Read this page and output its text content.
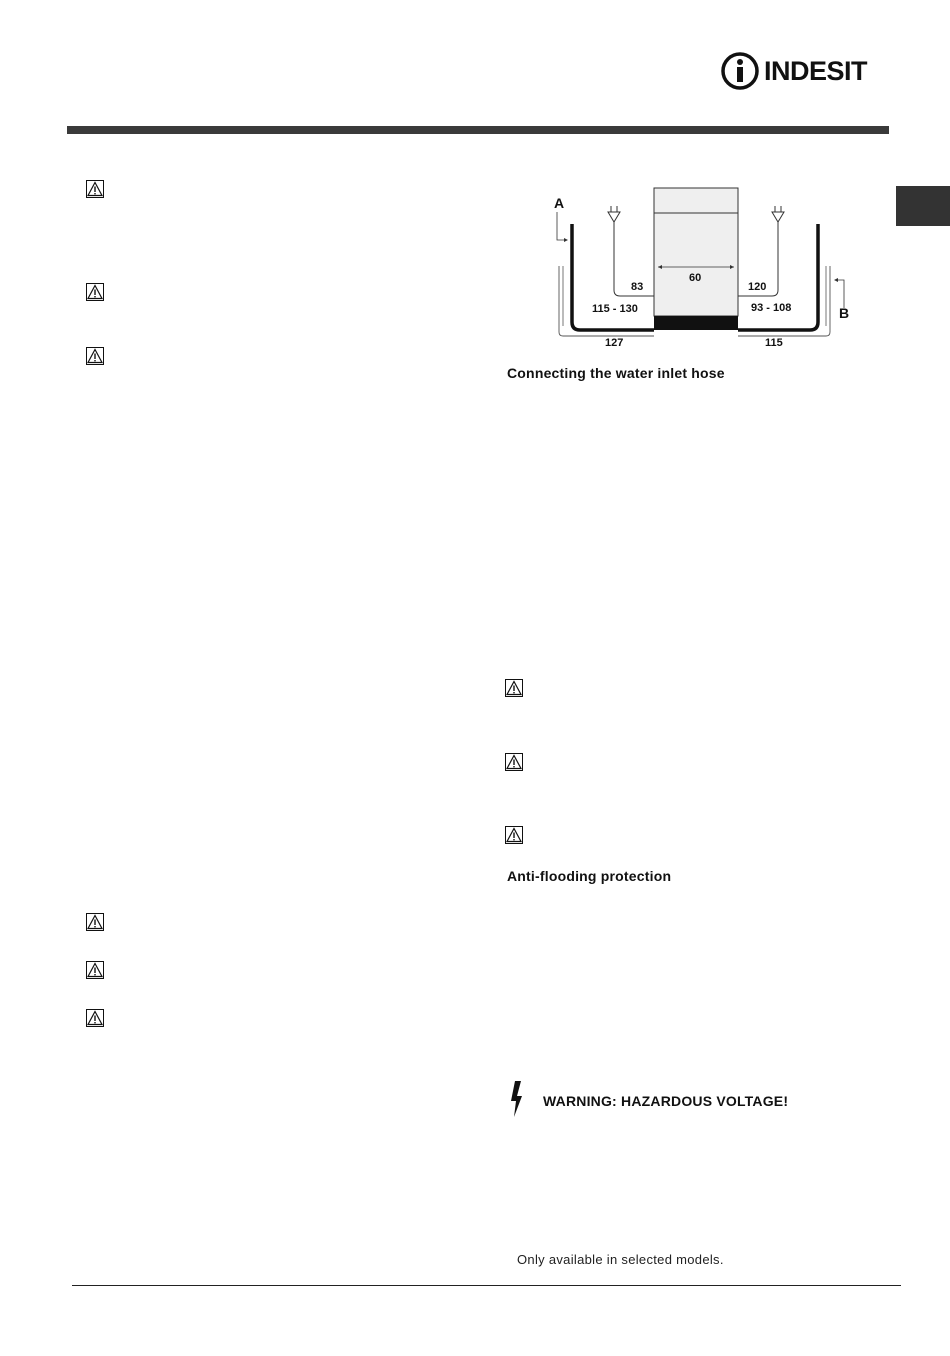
INDESIT
A
B
83
60
120
115 - 130	93 - 108
127	115
Connecting the water inlet hose
Anti-flooding protection
WARNING: HAZARDOUS VOLTAGE!
Only available in selected models.
